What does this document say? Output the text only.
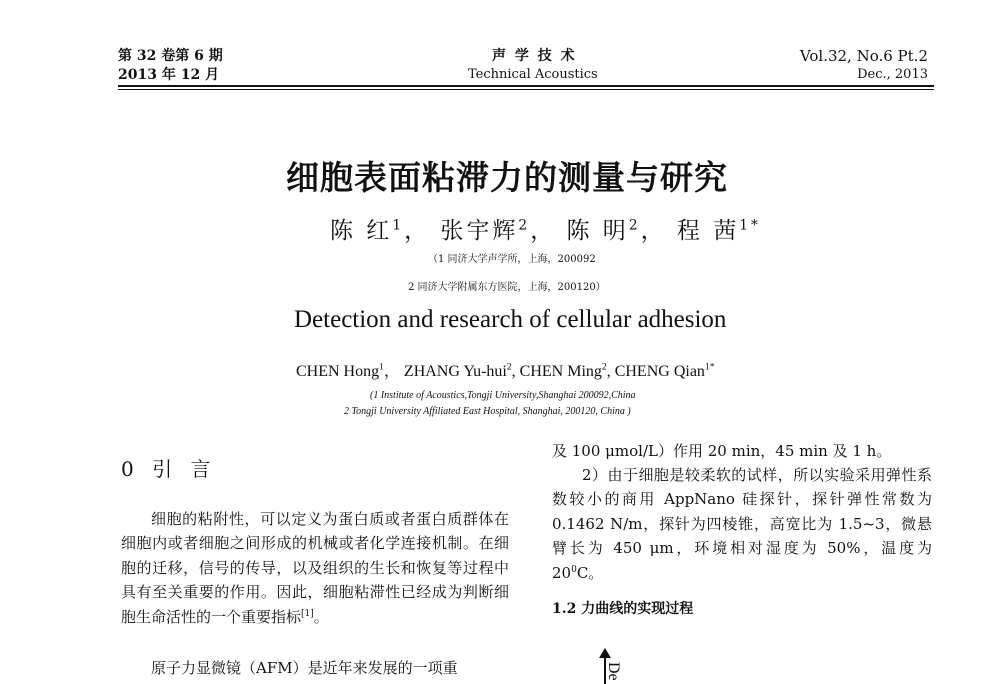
第 32 卷第 6 期
2013 年 12 月
声 学 技 术
Technical Acoustics
Vol.32, No.6 Pt.2
Dec., 2013
细胞表面粘滞力的测量与研究
陈 红$^1$， 张宇辉$^2$， 陈 明$^2$， 程 茜$^{1*}$
（1 同济大学声学所，上海，200092
2 同济大学附属东方医院，上海，200120）
Detection and research of cellular adhesion
CHEN Hong$^1$， ZHANG Yu-hui$^2$, CHEN Ming$^2$, CHENG Qian$^{1*}$
(1 Institute of Acoustics,Tongji University,Shanghai 200092,China
2 Tongji University Affiliated East Hospital, Shanghai, 200120, China )
0 引 言

细胞的粘附性，可以定义为蛋白质或者蛋白质群体在细胞内或者细胞之间形成的机械或者化学连接机制。在细胞的迁移，信号的传导，以及组织的生长和恢复等过程中具有至关重要的作用。因此，细胞粘滞性已经成为判断细胞生命活性的一个重要指标[1]。

原子力显微镜（AFM）是近年来发展的一项重

及 100 μmol/L）作用 20 min，45 min 及 1 h。

2）由于细胞是较柔软的试样，所以实验采用弹性系数较小的商用 AppNano 硅探针，探针弹性常数为 0.1462 N/m，探针为四棱锥，高宽比为 1.5~3，微悬臂长为 450 μm，环境相对湿度为 50%，温度为 $20^0C$。

1.2 力曲线的实现过程
De
